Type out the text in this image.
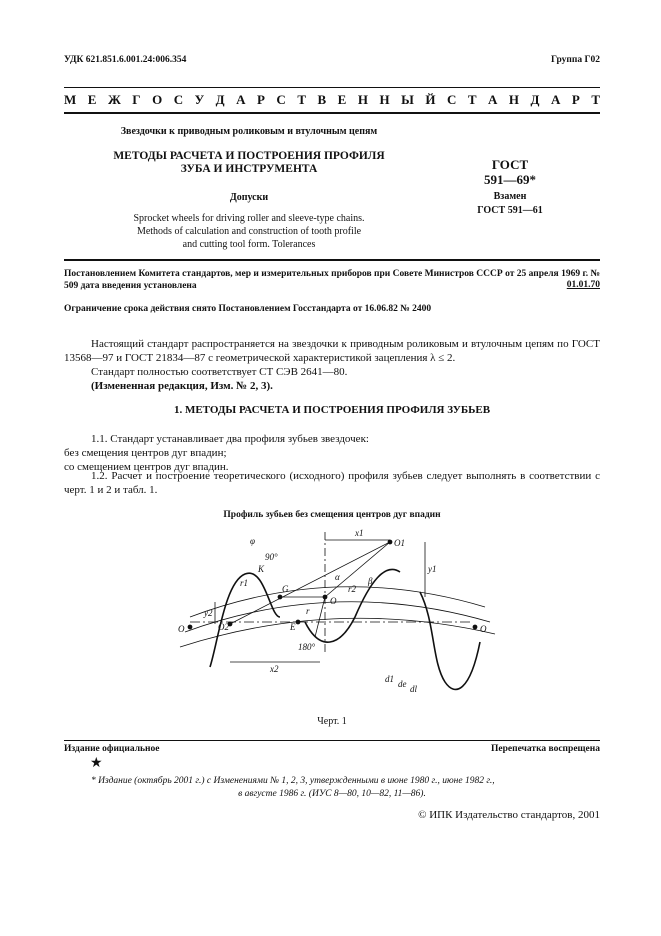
УДК 621.851.6.001.24:006.354	Группа Г02
М Е Ж Г О С У Д А Р С Т В Е Н Н Ы Й С Т А Н Д А Р Т
Звездочки к приводным роликовым и втулочным цепям
МЕТОДЫ РАСЧЕТА И ПОСТРОЕНИЯ ПРОФИЛЯ
ЗУБА И ИНСТРУМЕНТА
Допуски
Sprocket wheels for driving roller and sleeve-type chains.
Methods of calculation and construction of tooth profile
and cutting tool form. Tolerances
ГОСТ
591—69*
Взамен
ГОСТ 591—61
Постановлением Комитета стандартов, мер и измерительных приборов при Совете Министров СССР от 25 апреля 1969 г. № 509 дата введения установлена	01.01.70
Ограничение срока действия снято Постановлением Госстандарта от 16.06.82 № 2400
Настоящий стандарт распространяется на звездочки к приводным роликовым и втулочным цепям по ГОСТ 13568—97 и ГОСТ 21834—87 с геометрической характеристикой зацепления λ ≤ 2.
Стандарт полностью соответствует СТ СЭВ 2641—80.
(Измененная редакция, Изм. № 2, 3).
1. МЕТОДЫ РАСЧЕТА И ПОСТРОЕНИЯ ПРОФИЛЯ ЗУБЬЕВ
1.1. Стандарт устанавливает два профиля зубьев звездочек:
без смещения центров дуг впадин;
со смещением центров дуг впадин.
1.2. Расчет и построение теоретического (исходного) профиля зубьев следует выполнять в соответствии с черт. 1 и 2 и табл. 1.
Профиль зубьев без смещения центров дуг впадин
O1
O
O2
O	O
G
E
K
x1
x2
y1
y2
90°
180°
φ
α	β
r
r1
r2
d1 de dl
Черт. 1
Издание официальное	Перепечатка воспрещена
★
* Издание (октябрь 2001 г.) с Изменениями № 1, 2, 3, утвержденными в июне 1980 г., июне 1982 г.,
в августе 1986 г. (ИУС 8—80, 10—82, 11—86).
© ИПК Издательство стандартов, 2001
